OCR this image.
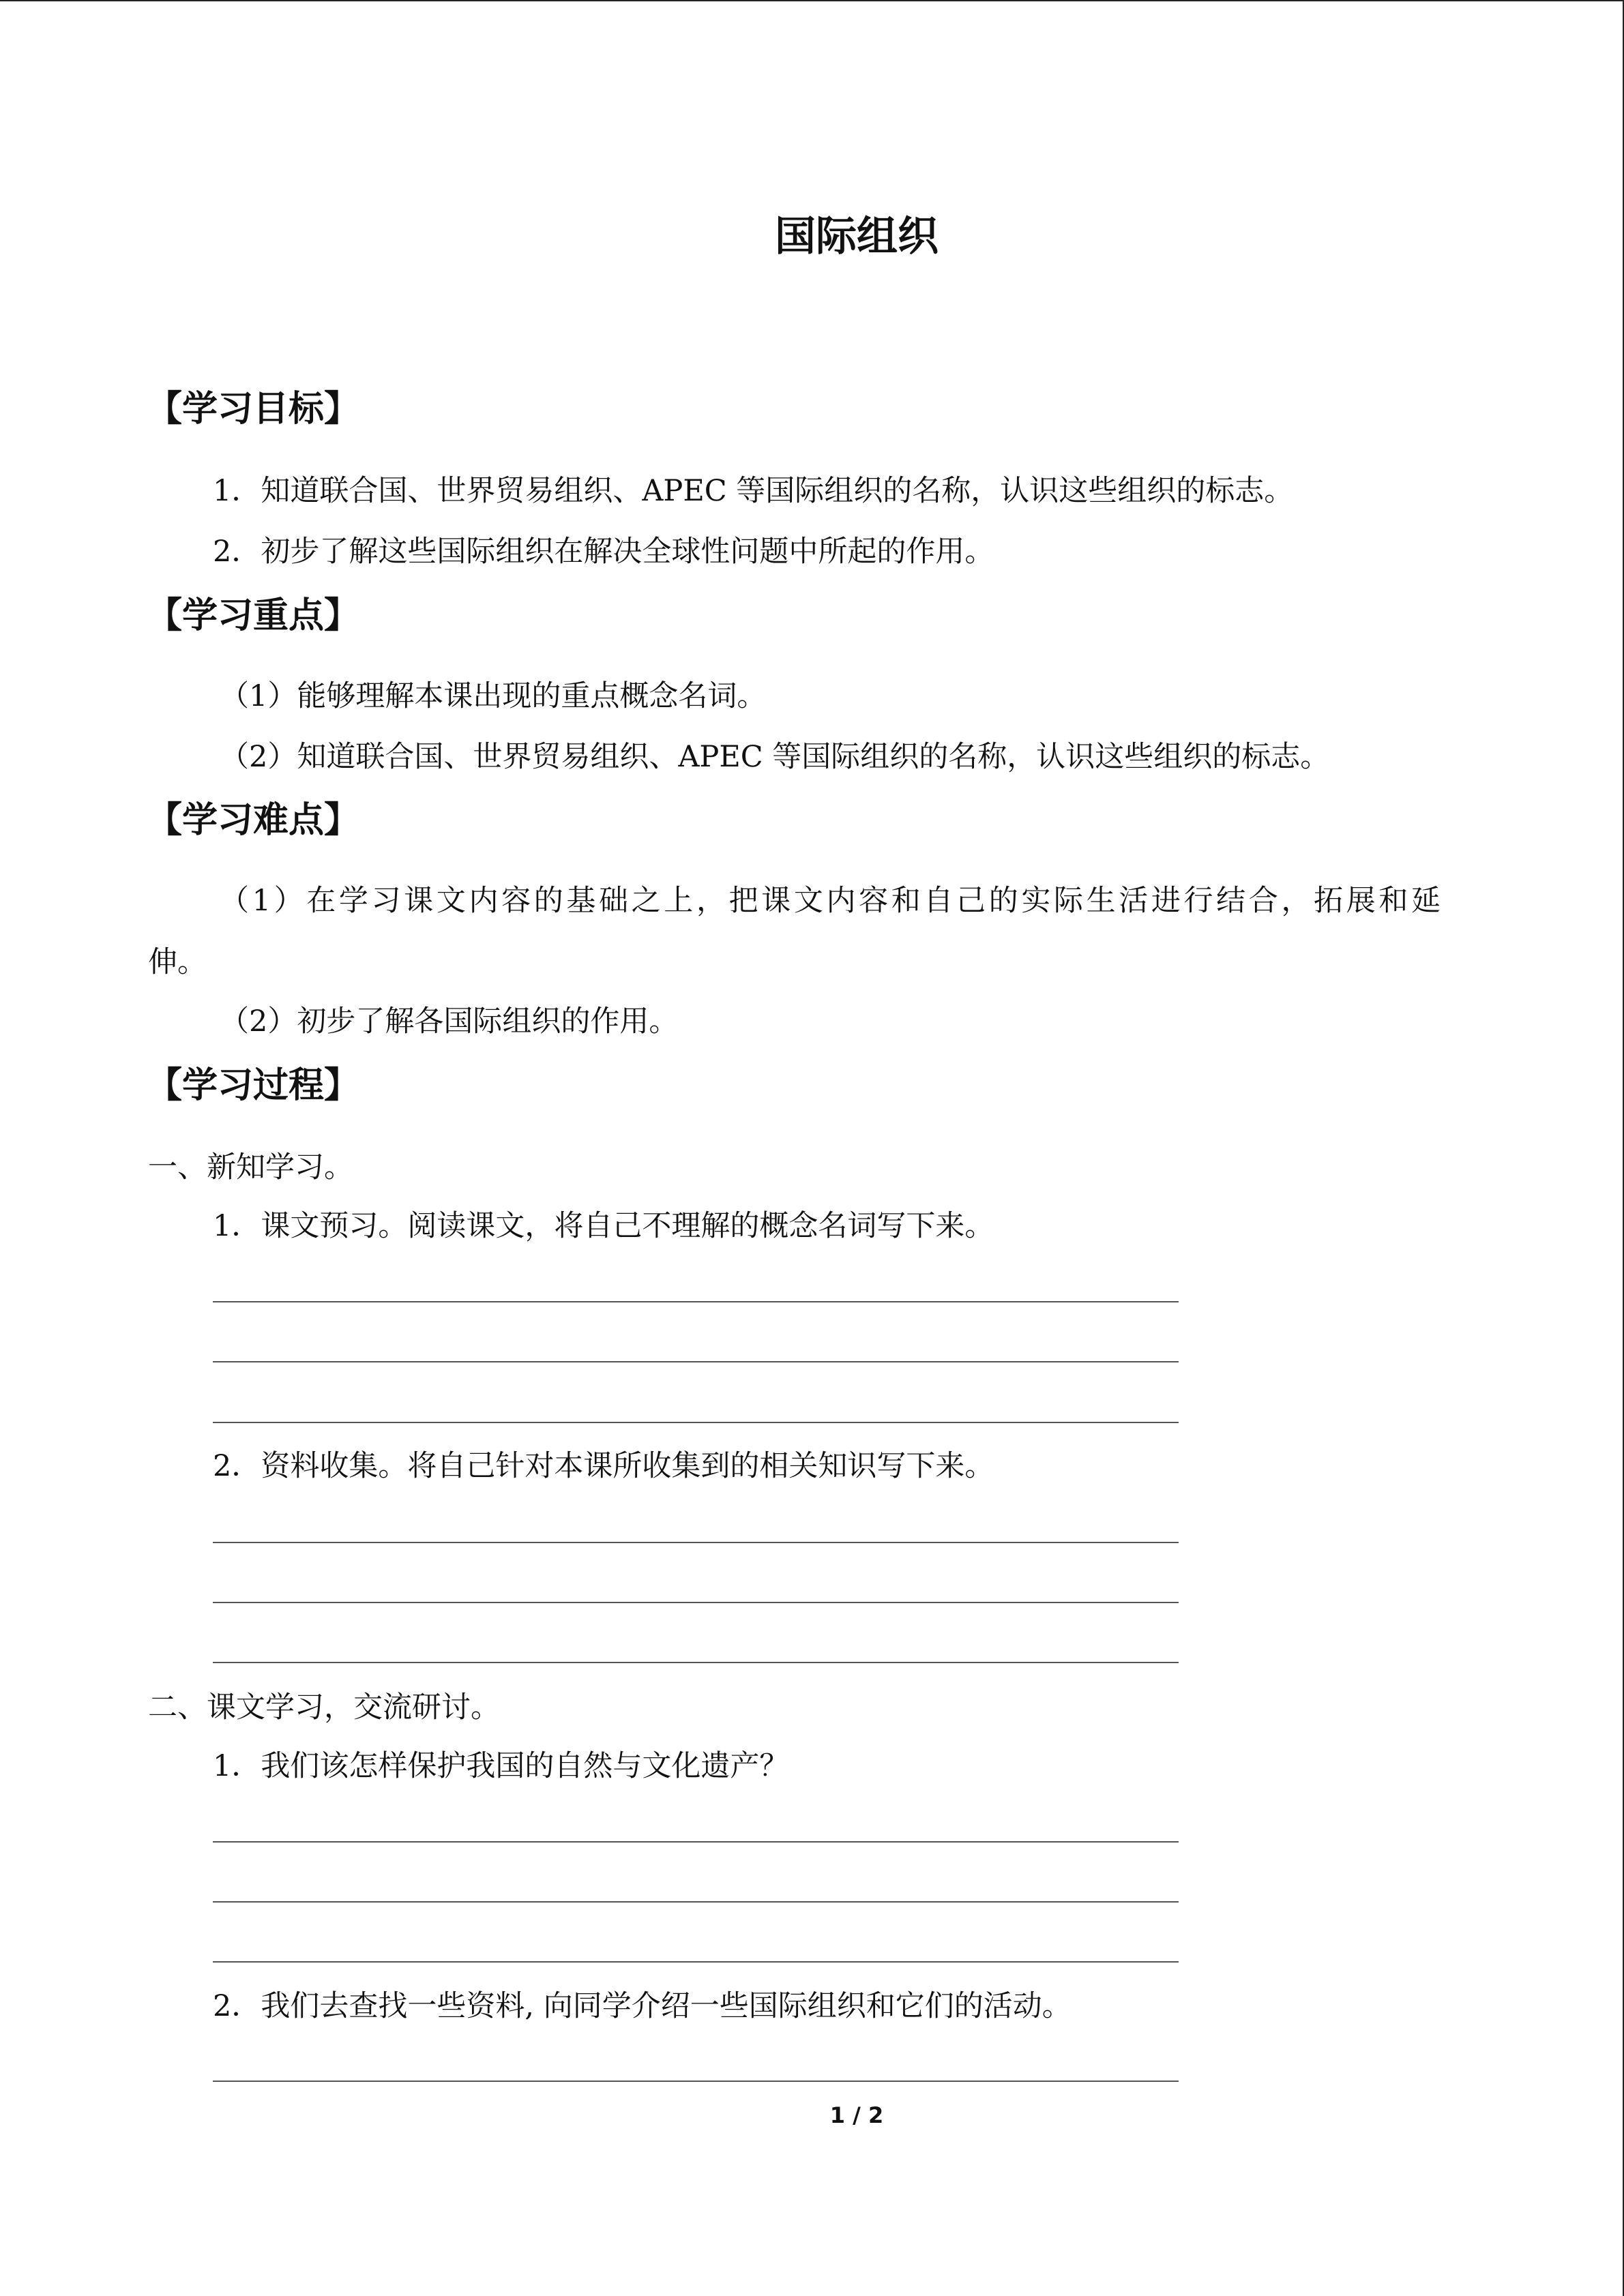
国际组织
【学习目标】
1．知道联合国、世界贸易组织、APEC 等国际组织的名称，认识这些组织的标志。
2．初步了解这些国际组织在解决全球性问题中所起的作用。
【学习重点】
（1）能够理解本课出现的重点概念名词。
（2）知道联合国、世界贸易组织、APEC 等国际组织的名称，认识这些组织的标志。
【学习难点】
（1）在学习课文内容的基础之上，把课文内容和自己的实际生活进行结合，拓展和延
伸。
（2）初步了解各国际组织的作用。
【学习过程】
一、新知学习。
1．课文预习。阅读课文，将自己不理解的概念名词写下来。
2．资料收集。将自己针对本课所收集到的相关知识写下来。
二、课文学习，交流研讨。
1．我们该怎样保护我国的自然与文化遗产？
2．我们去查找一些资料, 向同学介绍一些国际组织和它们的活动。
1 / 2
